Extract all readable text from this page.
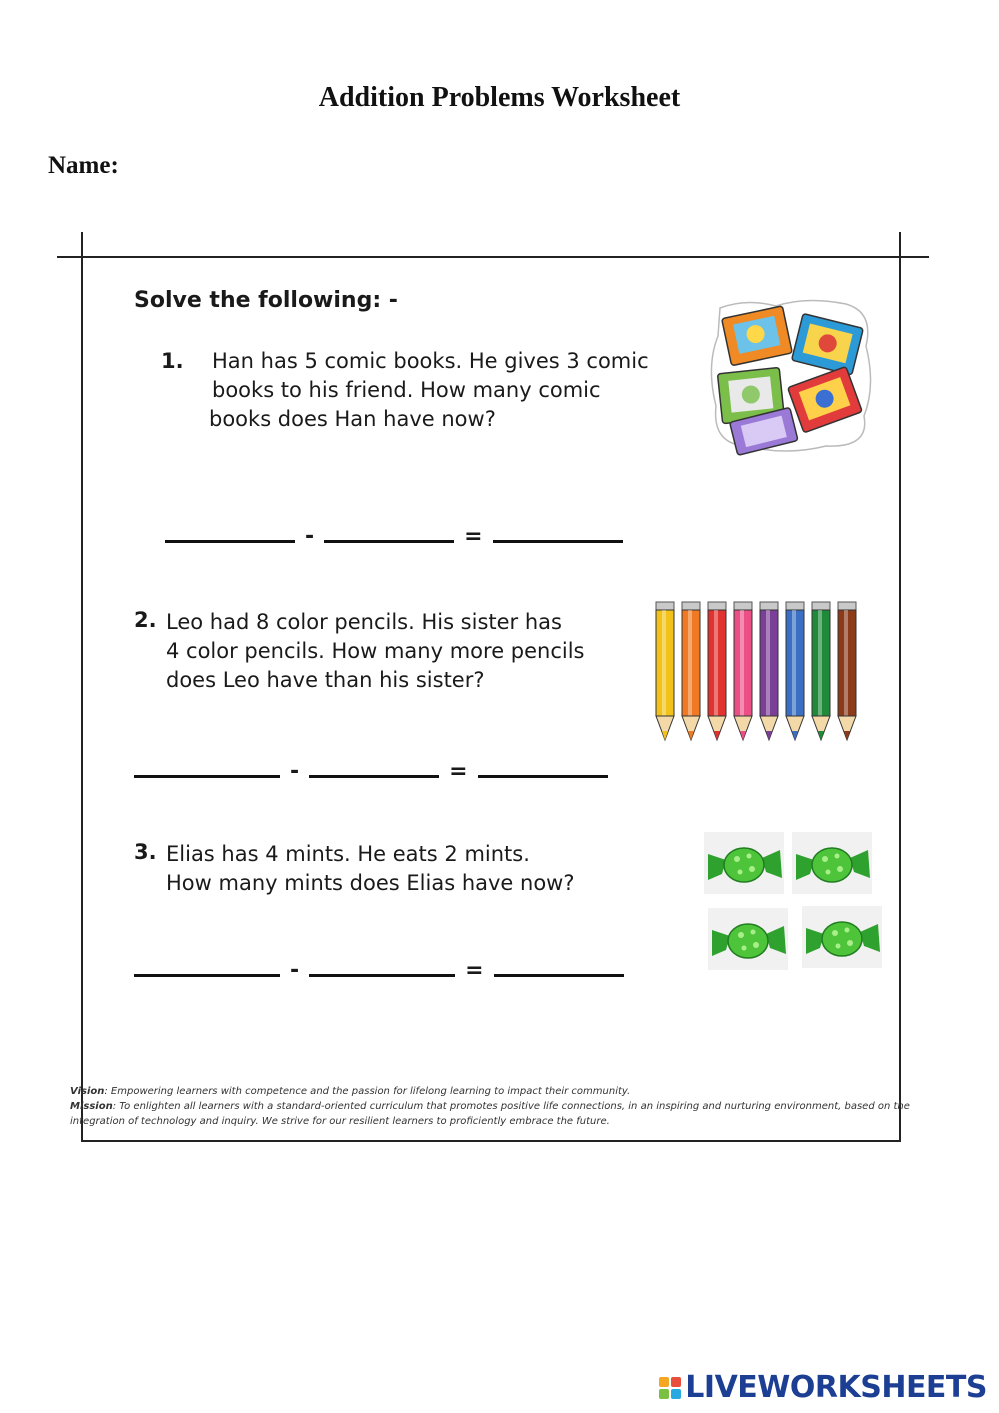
Addition Problems Worksheet
Name:
Solve the following: -
1. Han has 5 comic books. He gives 3 comic
books to his friend. How many comic
books does Han have now?
-	=
2. Leo had 8 color pencils. His sister has
4 color pencils. How many more pencils
does Leo have than his sister?
-	=
3. Elias has 4 mints. He eats 2 mints.
How many mints does Elias have now?
-	=
Vision: Empowering learners with competence and the passion for lifelong learning to impact their community.
Mission: To enlighten all learners with a standard-oriented curriculum that promotes positive life connections, in an inspiring and nurturing environment, based on the integration of technology and inquiry. We strive for our resilient learners to proficiently embrace the future.
LIVEWORKSHEETS
